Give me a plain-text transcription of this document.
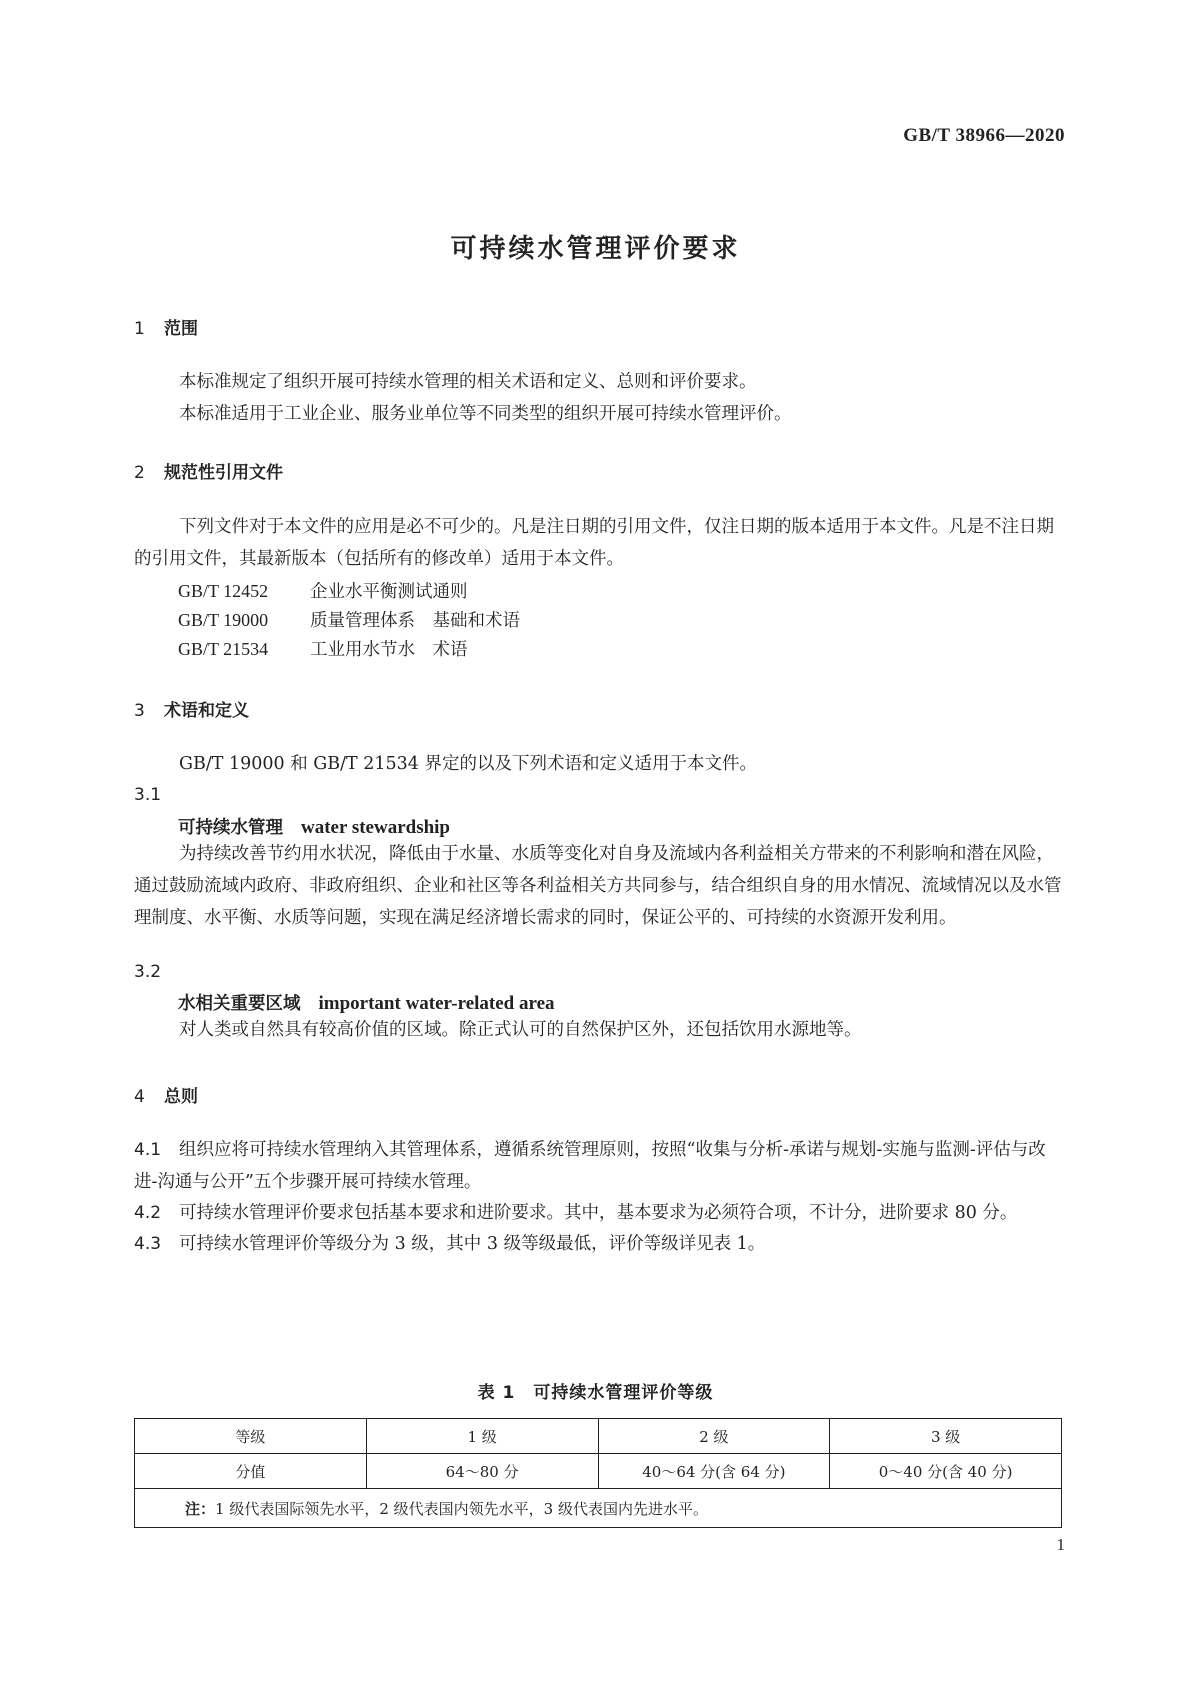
GB/T 38966—2020
可持续水管理评价要求
1 范围
本标准规定了组织开展可持续水管理的相关术语和定义、总则和评价要求。
本标准适用于工业企业、服务业单位等不同类型的组织开展可持续水管理评价。
2 规范性引用文件
下列文件对于本文件的应用是必不可少的。凡是注日期的引用文件，仅注日期的版本适用于本文件。凡是不注日期的引用文件，其最新版本（包括所有的修改单）适用于本文件。
GB/T 12452 企业水平衡测试通则
GB/T 19000 质量管理体系　基础和术语
GB/T 21534 工业用水节水　术语
3 术语和定义
GB/T 19000 和 GB/T 21534 界定的以及下列术语和定义适用于本文件。
3.1
可持续水管理 water stewardship
为持续改善节约用水状况，降低由于水量、水质等变化对自身及流域内各利益相关方带来的不利影响和潜在风险，通过鼓励流域内政府、非政府组织、企业和社区等各利益相关方共同参与，结合组织自身的用水情况、流域情况以及水管理制度、水平衡、水质等问题，实现在满足经济增长需求的同时，保证公平的、可持续的水资源开发利用。
3.2
水相关重要区域 important water-related area
对人类或自然具有较高价值的区域。除正式认可的自然保护区外，还包括饮用水源地等。
4 总则
4.1 组织应将可持续水管理纳入其管理体系，遵循系统管理原则，按照“收集与分析-承诺与规划-实施与监测-评估与改进-沟通与公开”五个步骤开展可持续水管理。
4.2 可持续水管理评价要求包括基本要求和进阶要求。其中，基本要求为必须符合项，不计分，进阶要求 80 分。
4.3 可持续水管理评价等级分为 3 级，其中 3 级等级最低，评价等级详见表 1。
表 1　可持续水管理评价等级
等级	1 级	2 级	3 级
分值	64～80 分	40～64 分(含 64 分)	0～40 分(含 40 分)
注：1 级代表国际领先水平，2 级代表国内领先水平，3 级代表国内先进水平。			
1
